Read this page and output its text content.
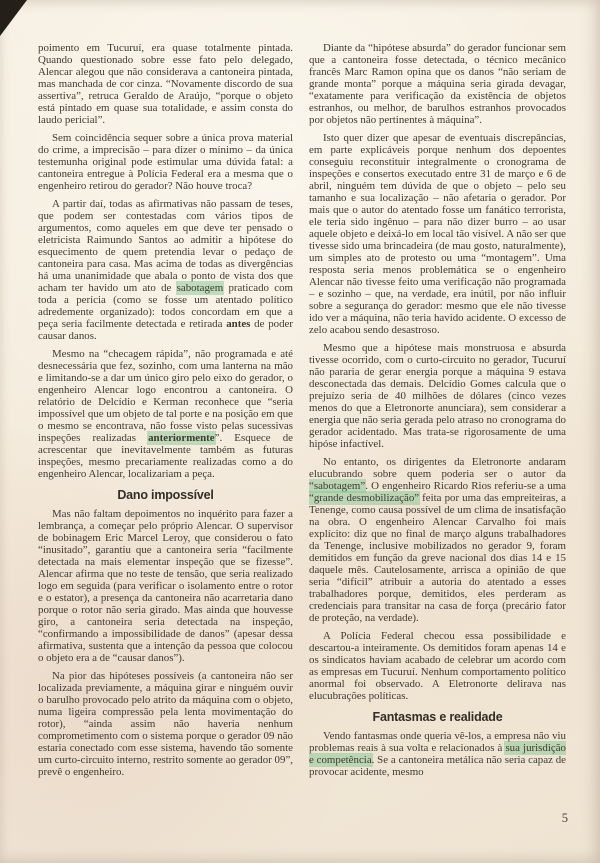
poimento em Tucuruí, era quase totalmente pintada. Quando questionado sobre esse fato pelo delegado, Alencar alegou que não considerava a cantoneira pintada, mas manchada de cor cinza. “Novamente discordo de sua assertiva”, retruca Geraldo de Araújo, “porque o objeto está pintado em quase sua totalidade, e assim consta do laudo pericial”.

Sem coincidência sequer sobre a única prova material do crime, a imprecisão – para dizer o mínimo – da única testemunha original pode estimular uma dúvida fatal: a cantoneira entregue à Polícia Federal era a mesma que o engenheiro retirou do gerador? Não houve troca?

A partir daí, todas as afirmativas não passam de teses, que podem ser contestadas com vários tipos de argumentos, como aqueles em que deve ter pensado o eletricista Raimundo Santos ao admitir a hipótese do esquecimento de quem pretendia levar o pedaço de cantoneira para casa. Mas acima de todas as divergências há uma unanimidade que abala o ponto de vista dos que acham ter havido um ato de sabotagem praticado com toda a perícia (como se fosse um atentado político adredemente organizado): todos concordam em que a peça seria facilmente detectada e retirada antes de poder causar danos.

Mesmo na “checagem rápida”, não programada e até desnecessária que fez, sozinho, com uma lanterna na mão e limitando-se a dar um único giro pelo eixo do gerador, o engenheiro Alencar logo encontrou a cantoneira. O relatório de Delcídio e Kerman reconhece que “seria impossível que um objeto de tal porte e na posição em que o mesmo se encontrava, não fosse visto pelas sucessivas inspeções realizadas anteriormente”. Esquece de acrescentar que inevitavelmente também as futuras inspeções, mesmo precariamente realizadas como a do engenheiro Alencar, localizariam a peça.

Dano impossível

Mas não faltam depoimentos no inquérito para fazer a lembrança, a começar pelo próprio Alencar. O supervisor de bobinagem Eric Marcel Leroy, que considerou o fato “inusitado”, garantiu que a cantoneira seria “facilmente detectada na mais elementar inspeção que se fizesse”. Alencar afirma que no teste de tensão, que seria realizado logo em seguida (para verificar o isolamento entre o rotor e o estator), a presença da cantoneira não acarretaria dano porque o rotor não seria girado. Mas ainda que houvesse giro, a cantoneira seria detectada na inspeção, “confirmando a impossibilidade de danos” (apesar dessa afirmativa, sustenta que a intenção da pessoa que colocou o objeto era a de “causar danos”).

Na pior das hipóteses possíveis (a cantoneira não ser localizada previamente, a máquina girar e ninguém ouvir o barulho provocado pelo atrito da máquina com o objeto, numa ligeira compressão pela lenta movimentação do rotor), “ainda assim não haveria nenhum comprometimento com o sistema porque o gerador 09 não estaria conectado com esse sistema, havendo tão somente um curto-circuito interno, restrito somente ao gerador 09”, prevê o engenheiro.

Diante da “hipótese absurda” do gerador funcionar sem que a cantoneira fosse detectada, o técnico mecânico francês Marc Ramon opina que os danos “não seriam de grande monta” porque a máquina seria girada devagar, “exatamente para verificação da existência de objetos estranhos, ou melhor, de barulhos estranhos provocados por objetos não pertinentes à máquina”.

Isto quer dizer que apesar de eventuais discrepâncias, em parte explicáveis porque nenhum dos depoentes conseguiu reconstituir integralmente o cronograma de inspeções e consertos executado entre 31 de março e 6 de abril, ninguém tem dúvida de que o objeto – pelo seu tamanho e sua localização – não afetaria o gerador. Por mais que o autor do atentado fosse um fanático terrorista, ele teria sido ingênuo – para não dizer burro – ao usar aquele objeto e deixá-lo em local tão visível. A não ser que tivesse sido uma brincadeira (de mau gosto, naturalmente), um simples ato de protesto ou uma “montagem”. Uma resposta seria menos problemática se o engenheiro Alencar não tivesse feito uma verificação não programada – e sozinho – que, na verdade, era inútil, por não influir sobre a segurança do gerador: mesmo que ele não tivesse ido ver a máquina, não teria havido acidente. O excesso de zelo acabou sendo desastroso.

Mesmo que a hipótese mais monstruosa e absurda tivesse ocorrido, com o curto-circuito no gerador, Tucuruí não pararia de gerar energia porque a máquina 9 estava desconectada das demais. Delcídio Gomes calcula que o prejuízo seria de 40 milhões de dólares (cinco vezes menos do que a Eletronorte anunciara), sem considerar a energia que não seria gerada pelo atraso no cronograma do gerador acidentado. Mas trata-se rigorosamente de uma hipóse infactível.

No entanto, os dirigentes da Eletronorte andaram elucubrando sobre quem poderia ser o autor da “sabotagem”. O engenheiro Ricardo Rios referiu-se a uma “grande desmobilização” feita por uma das empreiteiras, a Tenenge, como causa possível de um clima de insatisfação na obra. O engenheiro Alencar Carvalho foi mais explícito: diz que no final de março alguns trabalhadores da Tenenge, inclusive mobilizados no gerador 9, foram demitidos em função da greve nacional dos dias 14 e 15 daquele mês. Cautelosamente, arrisca a opinião de que seria “difícil” atribuir a autoria do atentado a esses trabalhadores porque, demitidos, eles perderam as credenciais para transitar na casa de força (precário fator de proteção, na verdade).

A Polícia Federal checou essa possibilidade e descartou-a inteiramente. Os demitidos foram apenas 14 e os sindicatos haviam acabado de celebrar um acordo com as empresas em Tucuruí. Nenhum comportamento político anormal foi observado. A Eletronorte delirava nas elucubrações políticas.

Fantasmas e realidade

Vendo fantasmas onde queria vê-los, a empresa não viu problemas reais à sua volta e relacionados à sua jurisdição e competência. Se a cantoneira metálica não seria capaz de provocar acidente, mesmo

5
